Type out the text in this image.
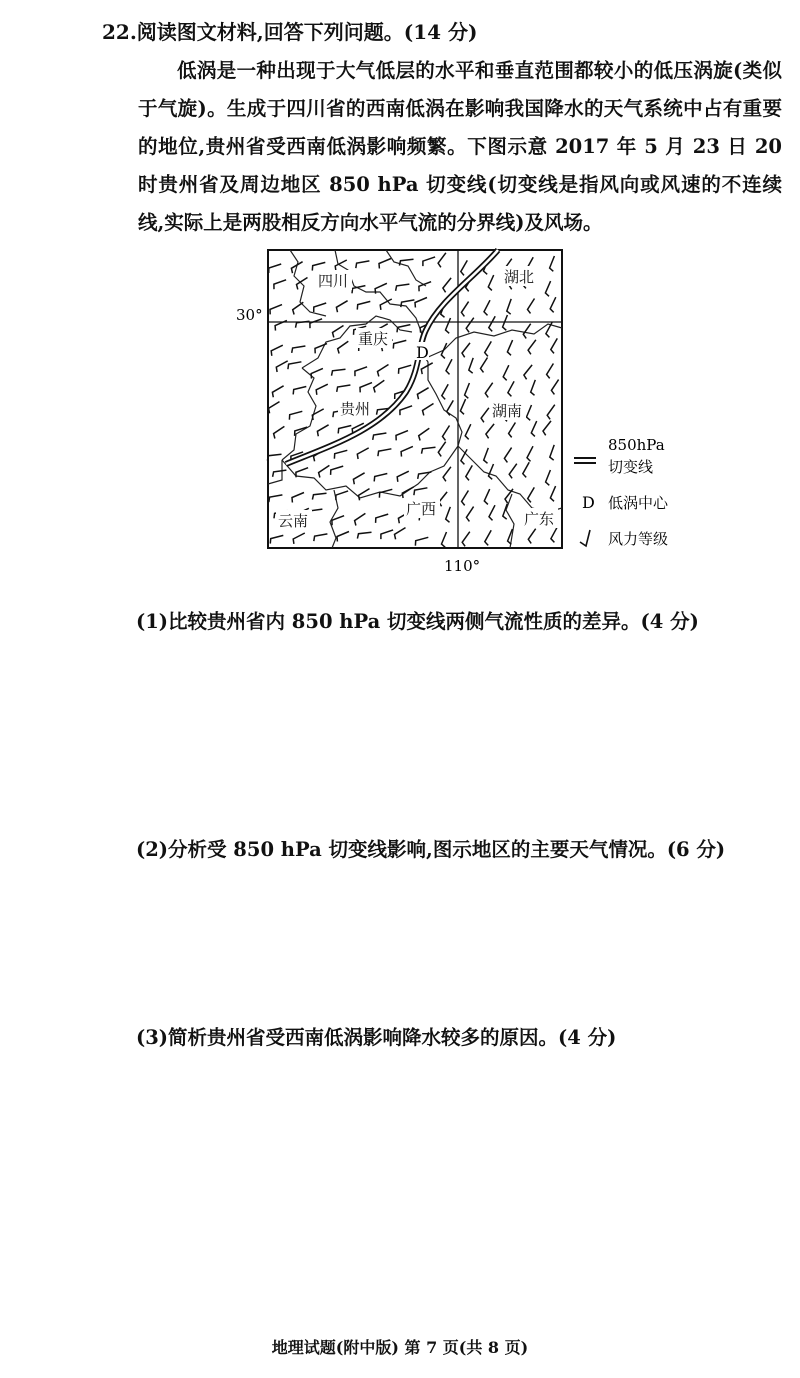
22.阅读图文材料,回答下列问题。(14 分)
低涡是一种出现于大气低层的水平和垂直范围都较小的低压涡旋(类似于气旋)。生成于四川省的西南低涡在影响我国降水的天气系统中占有重要的地位,贵州省受西南低涡影响频繁。下图示意 2017 年 5 月 23 日 20 时贵州省及周边地区 850 hPa 切变线(切变线是指风向或风速的不连续线,实际上是两股相反方向水平气流的分界线)及风场。
30°
110°
四川
重庆
湖北
贵州	湖南
云南
广西
广东
D
850hPa
切变线
D 低涡中心
风力等级
(1)比较贵州省内 850 hPa 切变线两侧气流性质的差异。(4 分)
(2)分析受 850 hPa 切变线影响,图示地区的主要天气情况。(6 分)
(3)简析贵州省受西南低涡影响降水较多的原因。(4 分)
地理试题(附中版) 第 7 页(共 8 页)
